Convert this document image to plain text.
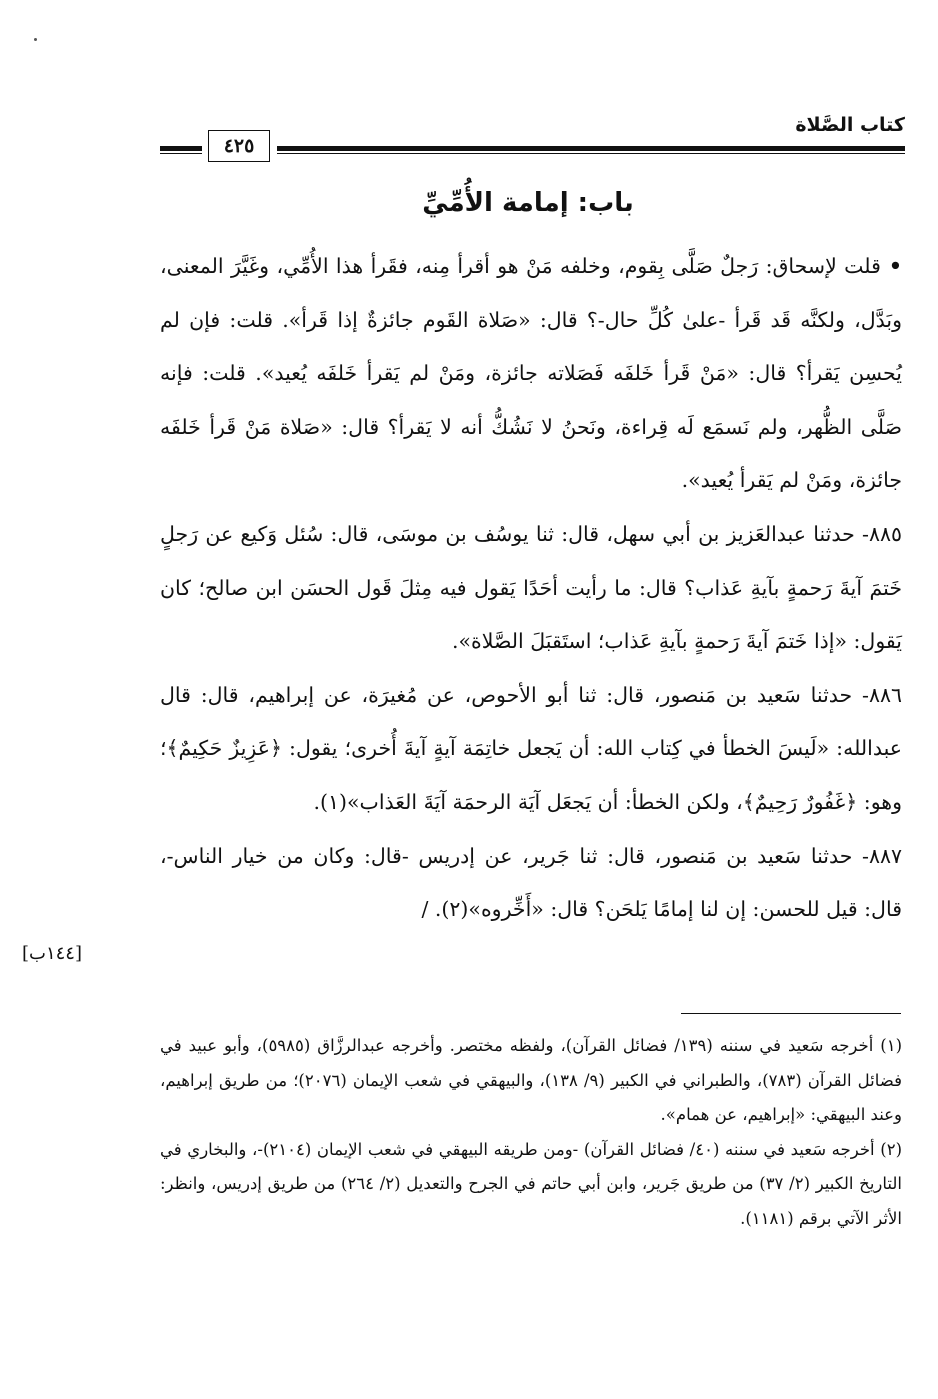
كتاب الصَّلاة
٤٢٥
باب: إمامة الأُمِّيِّ

•قلت لإسحاق: رَجلٌ صَلَّى بِقوم، وخلفه مَنْ هو أقرأ مِنه، فقَرأ هذا الأُمِّي، وغَيَّرَ المعنى، وبَدَّل، ولكنَّه قَد قَرأ -علىٰ كُلِّ حال-؟ قال: «صَلاة القَوم جائزةٌ إذا قَرأ». قلت: فإن لم يُحسِن يَقرأ؟ قال: «مَنْ قَرأ خَلفَه فَصَلاته جائزة، ومَنْ لم يَقرأ خَلفَه يُعيد». قلت: فإنه صَلَّى الظُّهر، ولم نَسمَع لَه قِراءة، ونَحنُ لا نَشُكُّ أنه لا يَقرأ؟ قال: «صَلاة مَنْ قَرأ خَلفَه جائزة، ومَنْ لم يَقرأ يُعيد».

٨٨٥- حدثنا عبدالعَزيز بن أبي سهل، قال: ثنا يوسُف بن موسَى، قال: سُئل وَكيع عن رَجلٍ خَتمَ آيةَ رَحمةٍ بآيةِ عَذاب؟ قال: ما رأيت أحَدًا يَقول فيه مِثلَ قَول الحسَن ابن صالح؛ كان يَقول: «إذا خَتمَ آيةَ رَحمةٍ بآيةِ عَذاب؛ استَقبَلَ الصَّلاة».

٨٨٦- حدثنا سَعيد بن مَنصور، قال: ثنا أبو الأحوص، عن مُغيرَة، عن إبراهيم، قال: قال عبدالله: «لَيسَ الخطأ في كِتاب الله: أن يَجعل خاتِمَة آيةٍ آيةَ أُخرى؛ يقول: ﴿عَزِيزٌ حَكِيمٌ﴾؛ وهو: ﴿غَفُورٌ رَحِيمٌ﴾، ولكن الخطأ: أن يَجعَل آيَة الرحمَة آيَةَ العَذاب»(١).

٨٨٧- حدثنا سَعيد بن مَنصور، قال: ثنا جَرير، عن إدريس -قال: وكان من خيار الناس-، قال: قيل للحسن: إن لنا إمامًا يَلحَن؟ قال: «أَخِّروه»(٢). /

[١٤٤ب]

(١) أخرجه سَعيد في سننه (١٣٩/ فضائل القرآن)، ولفظه مختصر. وأخرجه عبدالرزَّاق (٥٩٨٥)، وأبو عبيد في فضائل القرآن (٧٨٣)، والطبراني في الكبير (٩/ ١٣٨)، والبيهقي في شعب الإيمان (٢٠٧٦)؛ من طريق إبراهيم، وعند البيهقي: «إبراهيم، عن همام».

(٢) أخرجه سَعيد في سننه (٤٠/ فضائل القرآن) -ومن طريقه البيهقي في شعب الإيمان (٢١٠٤)-، والبخاري في التاريخ الكبير (٢/ ٣٧) من طريق جَرير، وابن أبي حاتم في الجرح والتعديل (٢/ ٢٦٤) من طريق إدريس، وانظر: الأثر الآتي برقم (١١٨١).
